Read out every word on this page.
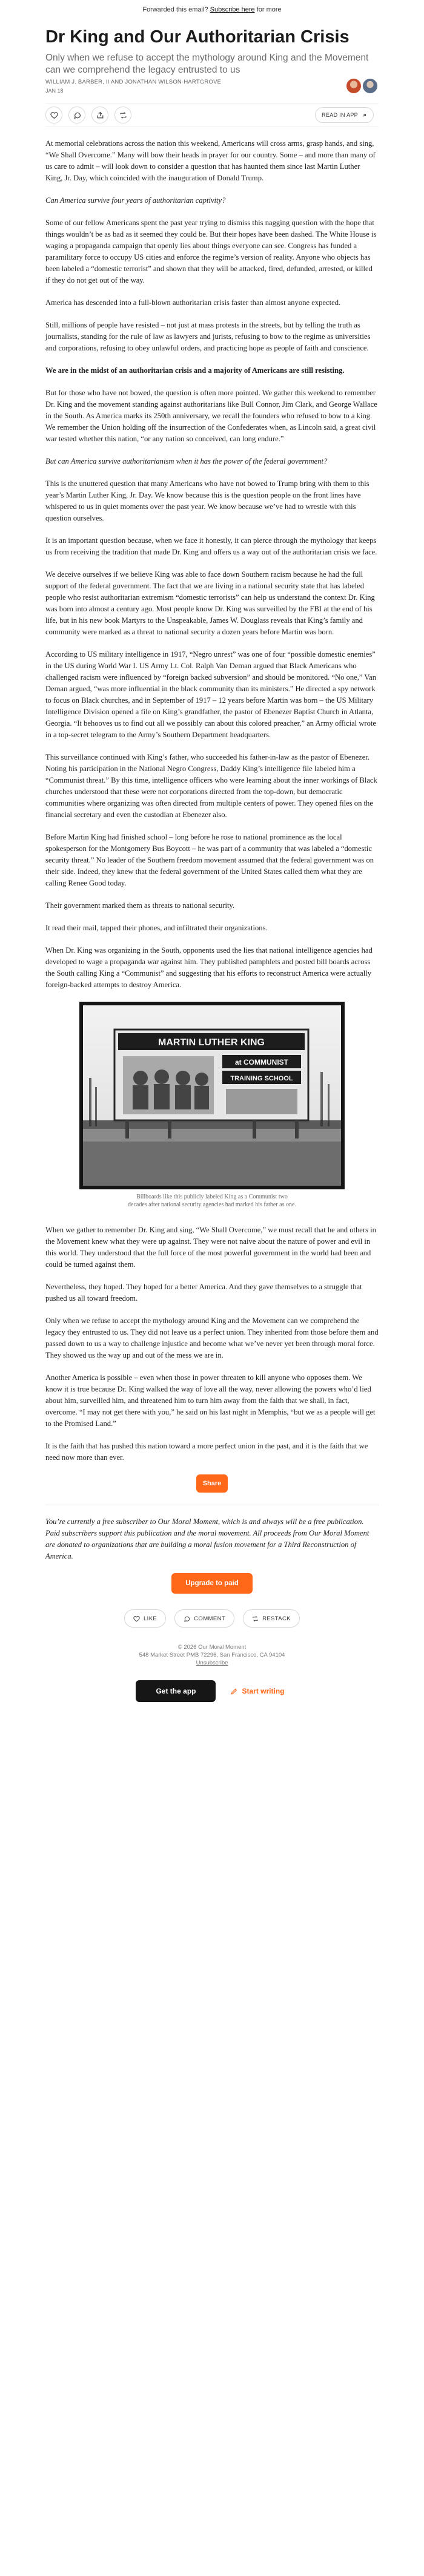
Forwarded this email? Subscribe here for more
Dr King and Our Authoritarian Crisis
Only when we refuse to accept the mythology around King and the Movement can we comprehend the legacy entrusted to us
WILLIAM J. BARBER, II AND JONATHAN WILSON-HARTGROVE
JAN 18
READ IN APP

At memorial celebrations across the nation this weekend, Americans will cross arms, grasp hands, and sing, “We Shall Overcome.” Many will bow their heads in prayer for our country. Some – and more than many of us care to admit – will look down to consider a question that has haunted them since last Martin Luther King, Jr. Day, which coincided with the inauguration of Donald Trump.

Can America survive four years of authoritarian captivity?

Some of our fellow Americans spent the past year trying to dismiss this nagging question with the hope that things wouldn’t be as bad as it seemed they could be. But their hopes have been dashed. The White House is waging a propaganda campaign that openly lies about things everyone can see. Congress has funded a paramilitary force to occupy US cities and enforce the regime’s version of reality. Anyone who objects has been labeled a “domestic terrorist” and shown that they will be attacked, fired, defunded, arrested, or killed if they do not get out of the way.

America has descended into a full-blown authoritarian crisis faster than almost anyone expected.

Still, millions of people have resisted – not just at mass protests in the streets, but by telling the truth as journalists, standing for the rule of law as lawyers and jurists, refusing to bow to the regime as universities and corporations, refusing to obey unlawful orders, and practicing hope as people of faith and conscience.

We are in the midst of an authoritarian crisis and a majority of Americans are still resisting.

But for those who have not bowed, the question is often more pointed. We gather this weekend to remember Dr. King and the movement standing against authoritarians like Bull Connor, Jim Clark, and George Wallace in the South. As America marks its 250th anniversary, we recall the founders who refused to bow to a king. We remember the Union holding off the insurrection of the Confederates when, as Lincoln said, a great civil war tested whether this nation, “or any nation so conceived, can long endure.”

But can America survive authoritarianism when it has the power of the federal government?

This is the unuttered question that many Americans who have not bowed to Trump bring with them to this year’s Martin Luther King, Jr. Day. We know because this is the question people on the front lines have whispered to us in quiet moments over the past year. We know because we’ve had to wrestle with this question ourselves.

It is an important question because, when we face it honestly, it can pierce through the mythology that keeps us from receiving the tradition that made Dr. King and offers us a way out of the authoritarian crisis we face.

We deceive ourselves if we believe King was able to face down Southern racism because he had the full support of the federal government. The fact that we are living in a national security state that has labeled people who resist authoritarian extremism “domestic terrorists” can help us understand the context Dr. King was born into almost a century ago. Most people know Dr. King was surveilled by the FBI at the end of his life, but in his new book Martyrs to the Unspeakable, James W. Douglass reveals that King’s family and community were marked as a threat to national security a dozen years before Martin was born.

According to US military intelligence in 1917, “Negro unrest” was one of four “possible domestic enemies” in the US during World War I. US Army Lt. Col. Ralph Van Deman argued that Black Americans who challenged racism were influenced by “foreign backed subversion” and should be monitored. “No one,” Van Deman argued, “was more influential in the black community than its ministers.” He directed a spy network to focus on Black churches, and in September of 1917 – 12 years before Martin was born – the US Military Intelligence Division opened a file on King’s grandfather, the pastor of Ebenezer Baptist Church in Atlanta, Georgia. “It behooves us to find out all we possibly can about this colored preacher,” an Army official wrote in a top-secret telegram to the Army’s Southern Department headquarters.

This surveillance continued with King’s father, who succeeded his father-in-law as the pastor of Ebenezer. Noting his participation in the National Negro Congress, Daddy King’s intelligence file labeled him a “Communist threat.” By this time, intelligence officers who were learning about the inner workings of Black churches understood that these were not corporations directed from the top-down, but democratic communities where organizing was often directed from multiple centers of power. They opened files on the financial secretary and even the custodian at Ebenezer also.

Before Martin King had finished school – long before he rose to national prominence as the local spokesperson for the Montgomery Bus Boycott – he was part of a community that was labeled a “domestic security threat.” No leader of the Southern freedom movement assumed that the federal government was on their side. Indeed, they knew that the federal government of the United States called them what they are calling Renee Good today.

Their government marked them as threats to national security.

It read their mail, tapped their phones, and infiltrated their organizations.

When Dr. King was organizing in the South, opponents used the lies that national intelligence agencies had developed to wage a propaganda war against him. They published pamphlets and posted bill boards across the South calling King a “Communist” and suggesting that his efforts to reconstruct America were actually foreign-backed attempts to destroy America.

MARTIN LUTHER KING
at COMMUNIST
TRAINING SCHOOL
Billboards like this publicly labeled King as a Communist two
decades after national security agencies had marked his father as one.

When we gather to remember Dr. King and sing, “We Shall Overcome,” we must recall that he and others in the Movement knew what they were up against. They were not naive about the nature of power and evil in this world. They understood that the full force of the most powerful government in the world had been and could be turned against them.

Nevertheless, they hoped. They hoped for a better America. And they gave themselves to a struggle that pushed us all toward freedom.

Only when we refuse to accept the mythology around King and the Movement can we comprehend the legacy they entrusted to us. They did not leave us a perfect union. They inherited from those before them and passed down to us a way to challenge injustice and become what we’ve never yet been through moral force. They showed us the way up and out of the mess we are in.

Another America is possible – even when those in power threaten to kill anyone who opposes them. We know it is true because Dr. King walked the way of love all the way, never allowing the powers who’d lied about him, surveilled him, and threatened him to turn him away from the faith that we shall, in fact, overcome. “I may not get there with you,” he said on his last night in Memphis, “but we as a people will get to the Promised Land.”

It is the faith that has pushed this nation toward a more perfect union in the past, and it is the faith that we need now more than ever.

Share

You’re currently a free subscriber to Our Moral Moment, which is and always will be a free publication. Paid subscribers support this publication and the moral movement. All proceeds from Our Moral Moment are donated to organizations that are building a moral fusion movement for a Third Reconstruction of America.

Upgrade to paid
LIKE	COMMENT	RESTACK
© 2026 Our Moral Moment
548 Market Street PMB 72296, San Francisco, CA 94104
Unsubscribe
Get the app	Start writing
